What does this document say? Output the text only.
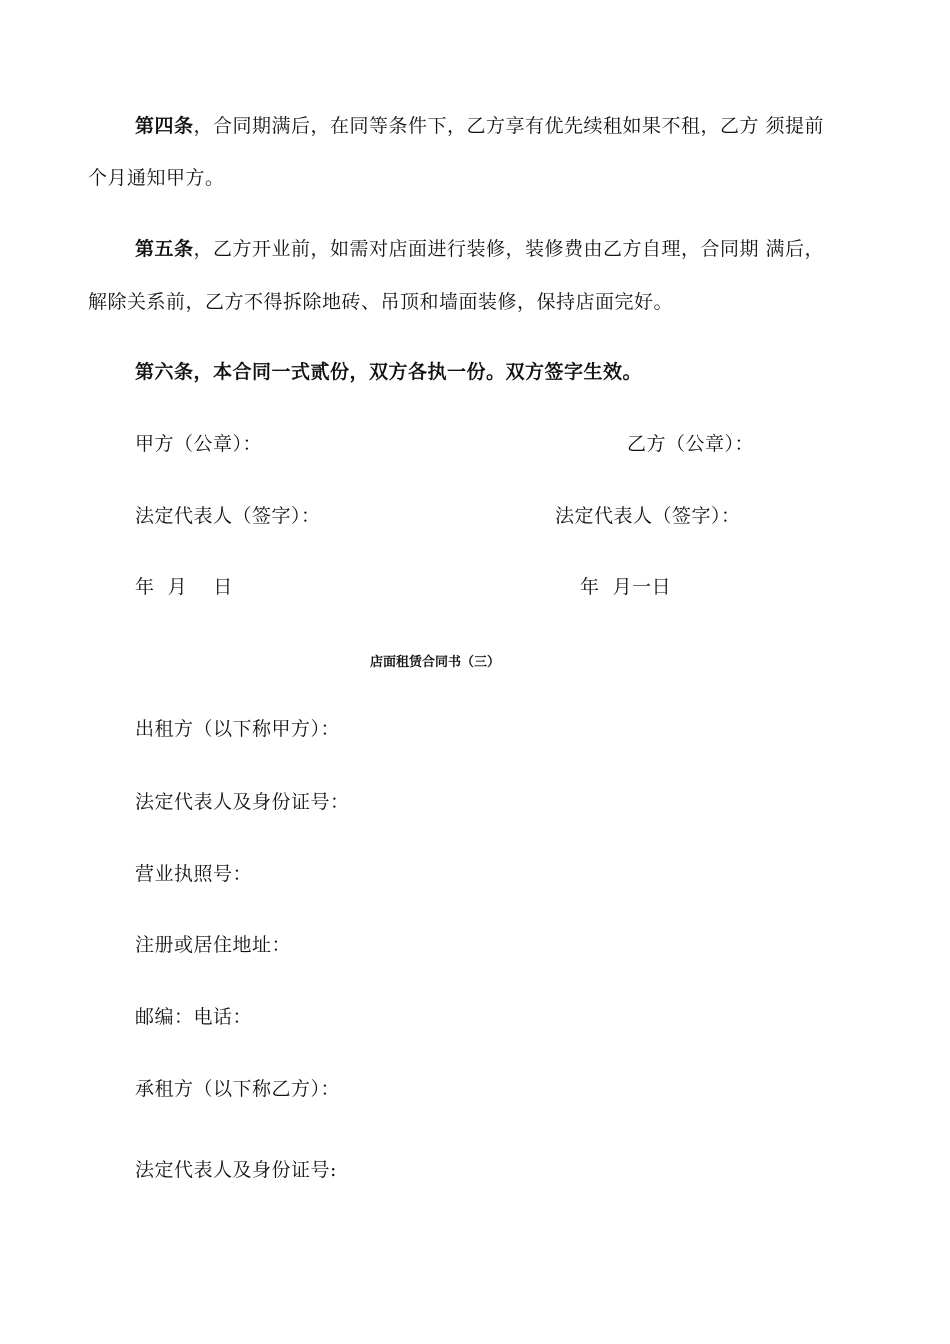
第四条，合同期满后，在同等条件下，乙方享有优先续租如果不租，乙方 须提前
个月通知甲方。
第五条，乙方开业前，如需对店面进行装修，装修费由乙方自理，合同期 满后，
解除关系前，乙方不得拆除地砖、吊顶和墙面装修，保持店面完好。
第六条，本合同一式贰份，双方各执一份。双方签字生效。
甲方（公章）：	乙方（公章）：
法定代表人（签字）：	法定代表人（签字）：
年  月    日	年  月一日
店面租赁合同书（三）
出租方（以下称甲方）：
法定代表人及身份证号：
营业执照号：
注册或居住地址：
邮编：电话：
承租方（以下称乙方）：
法定代表人及身份证号:
